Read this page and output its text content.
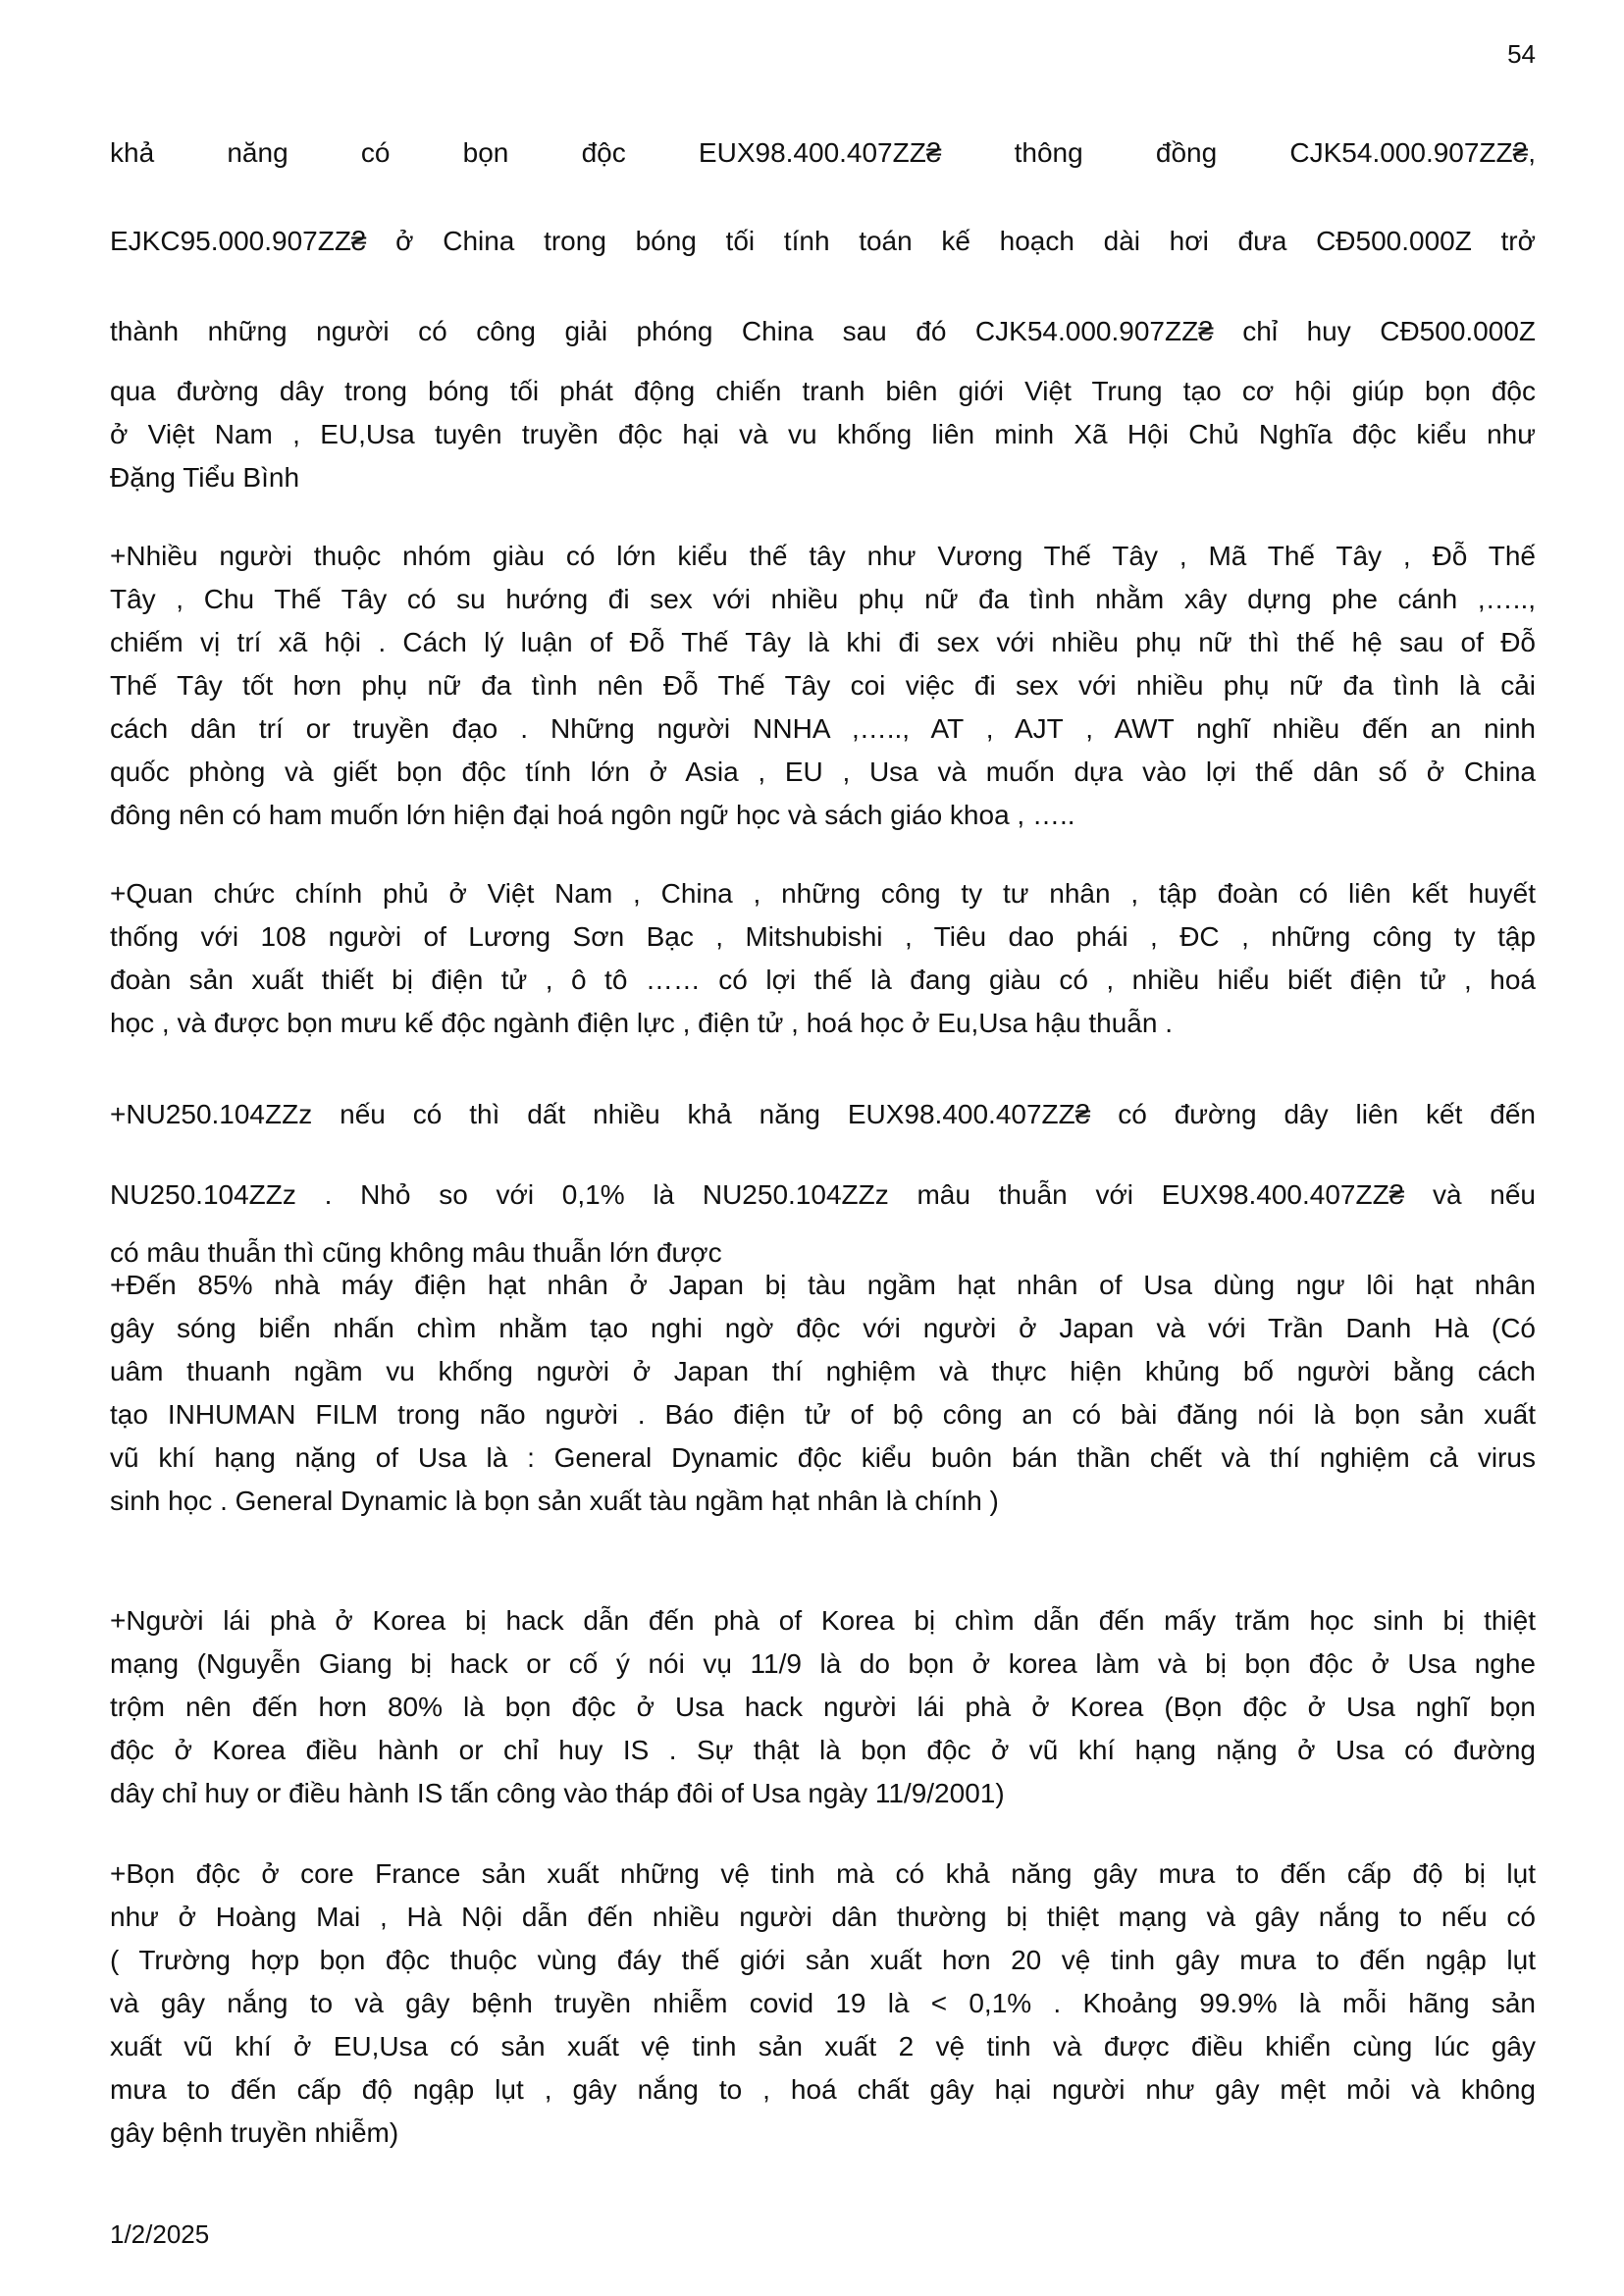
54
khả năng có bọn độc EUX98.400.407ZZ₴ thông đồng CJK54.000.907ZZ₴,
EJKC95.000.907ZZ₴ ở China trong bóng tối tính toán kế hoạch dài hơi đưa CĐ500.000Z trở
thành những người có công giải phóng China sau đó CJK54.000.907ZZ₴ chỉ huy CĐ500.000Z
qua đường dây trong bóng tối phát động chiến tranh biên giới Việt Trung tạo cơ hội giúp bọn độc
ở Việt Nam , EU,Usa tuyên truyền độc hại và vu khống liên minh Xã Hội Chủ Nghĩa độc kiểu như
Đặng Tiểu Bình
+Nhiều người thuộc nhóm giàu có lớn kiểu thế tây như Vương Thế Tây , Mã Thế Tây , Đỗ Thế
Tây , Chu Thế Tây có su hướng đi sex với nhiều phụ nữ đa tình nhằm xây dựng phe cánh ,…..,
chiếm vị trí xã hội . Cách lý luận of Đỗ Thế Tây là khi đi sex với nhiều phụ nữ thì thế hệ sau of Đỗ
Thế Tây tốt hơn phụ nữ đa tình nên Đỗ Thế Tây coi việc đi sex với nhiều phụ nữ đa tình là cải
cách dân trí or truyền đạo . Những người NNHA ,….., AT , AJT , AWT nghĩ nhiều đến an ninh
quốc phòng và giết bọn độc tính lớn ở Asia , EU , Usa và muốn dựa vào lợi thế dân số ở China
đông nên có ham muốn lớn hiện đại hoá ngôn ngữ học và sách giáo khoa , …..
+Quan chức chính phủ ở Việt Nam , China , những công ty tư nhân , tập đoàn có liên kết huyết
thống với 108 người of Lương Sơn Bạc , Mitshubishi , Tiêu dao phái , ĐC , những công ty tập
đoàn sản xuất thiết bị điện tử , ô tô …… có lợi thế là đang giàu có , nhiều hiểu biết điện tử , hoá
học , và được bọn mưu kế độc ngành điện lực , điện tử , hoá học ở Eu,Usa hậu thuẫn .
+NU250.104ZZz nếu có thì dất nhiều khả năng EUX98.400.407ZZ₴ có đường dây liên kết đến
NU250.104ZZz . Nhỏ so với 0,1% là NU250.104ZZz mâu thuẫn với EUX98.400.407ZZ₴ và nếu
có mâu thuẫn thì cũng không mâu thuẫn lớn được
+Đến 85% nhà máy điện hạt nhân ở Japan bị tàu ngầm hạt nhân of Usa dùng ngư lôi hạt nhân
gây sóng biển nhấn chìm nhằm tạo nghi ngờ độc với người ở Japan và với Trần Danh Hà (Có
uâm thuanh ngầm vu khống người ở Japan thí nghiệm và thực hiện khủng bố người bằng cách
tạo INHUMAN FILM trong não người . Báo điện tử of bộ công an có bài đăng nói là bọn sản xuất
vũ khí hạng nặng of Usa là : General Dynamic độc kiểu buôn bán thần chết và thí nghiệm cả virus
sinh học . General Dynamic là bọn sản xuất tàu ngầm hạt nhân là chính )
+Người lái phà ở Korea bị hack dẫn đến phà of Korea bị chìm dẫn đến mấy trăm học sinh bị thiệt
mạng (Nguyễn Giang bị hack or cố ý nói vụ 11/9 là do bọn ở korea làm và bị bọn độc ở Usa nghe
trộm nên đến hơn 80% là bọn độc ở Usa hack người lái phà ở Korea (Bọn độc ở Usa nghĩ bọn
độc ở Korea điều hành or chỉ huy IS . Sự thật là bọn độc ở vũ khí hạng nặng ở Usa có đường
dây chỉ huy or điều hành IS tấn công vào tháp đôi of Usa ngày 11/9/2001)
+Bọn độc ở core France sản xuất những vệ tinh mà có khả năng gây mưa to đến cấp độ bị lụt
như ở Hoàng Mai , Hà Nội dẫn đến nhiều người dân thường bị thiệt mạng và gây nắng to nếu có
( Trường hợp bọn độc thuộc vùng đáy thế giới sản xuất hơn 20 vệ tinh gây mưa to đến ngập lụt
và gây nắng to và gây bệnh truyền nhiễm covid 19 là < 0,1% . Khoảng 99.9% là mỗi hãng sản
xuất vũ khí ở EU,Usa có sản xuất vệ tinh sản xuất 2 vệ tinh và được điều khiển cùng lúc gây
mưa to đến cấp độ ngập lụt , gây nắng to , hoá chất gây hại người như gây mệt mỏi và không
gây bệnh truyền nhiễm)
1/2/2025
